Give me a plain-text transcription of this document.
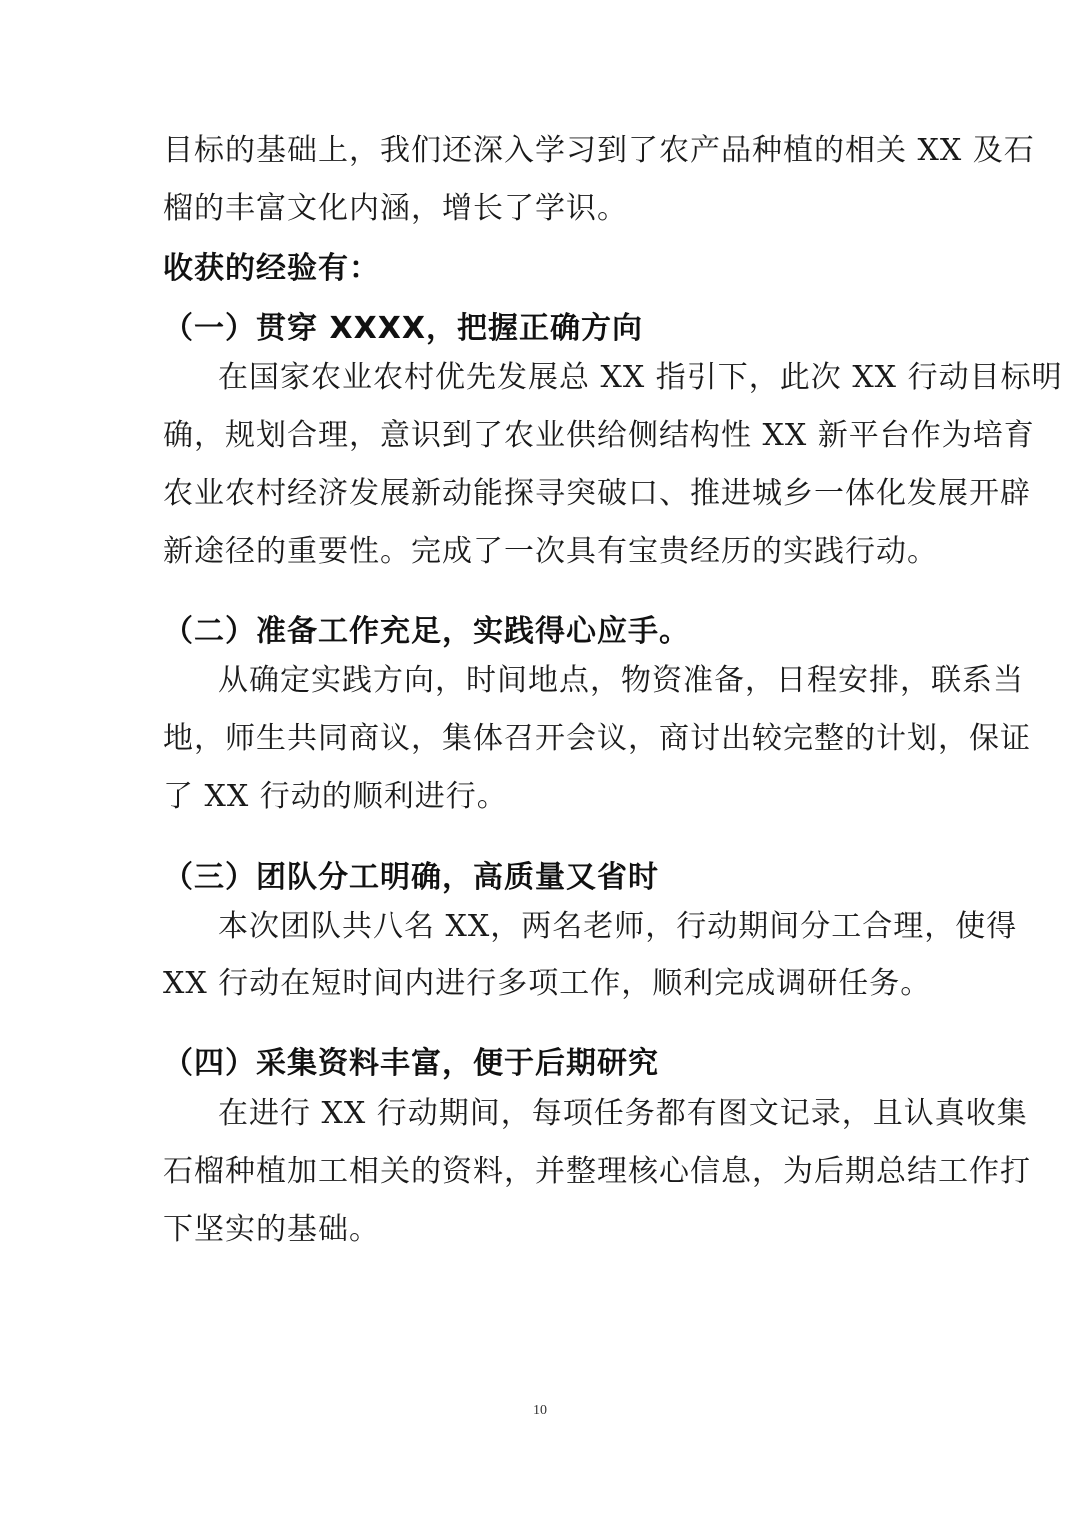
目标的基础上，我们还深入学习到了农产品种植的相关 XX 及石
榴的丰富文化内涵，增长了学识。
收获的经验有：
（一）贯穿 XXXX，把握正确方向
在国家农业农村优先发展总 XX 指引下，此次 XX 行动目标明
确，规划合理，意识到了农业供给侧结构性 XX 新平台作为培育
农业农村经济发展新动能探寻突破口、推进城乡一体化发展开辟
新途径的重要性。完成了一次具有宝贵经历的实践行动。
（二）准备工作充足，实践得心应手。
从确定实践方向，时间地点，物资准备，日程安排，联系当
地，师生共同商议，集体召开会议，商讨出较完整的计划，保证
了 XX 行动的顺利进行。
（三）团队分工明确，高质量又省时
本次团队共八名 XX，两名老师，行动期间分工合理，使得
XX 行动在短时间内进行多项工作，顺利完成调研任务。
（四）采集资料丰富，便于后期研究
在进行 XX 行动期间，每项任务都有图文记录，且认真收集
石榴种植加工相关的资料，并整理核心信息，为后期总结工作打
下坚实的基础。
10
